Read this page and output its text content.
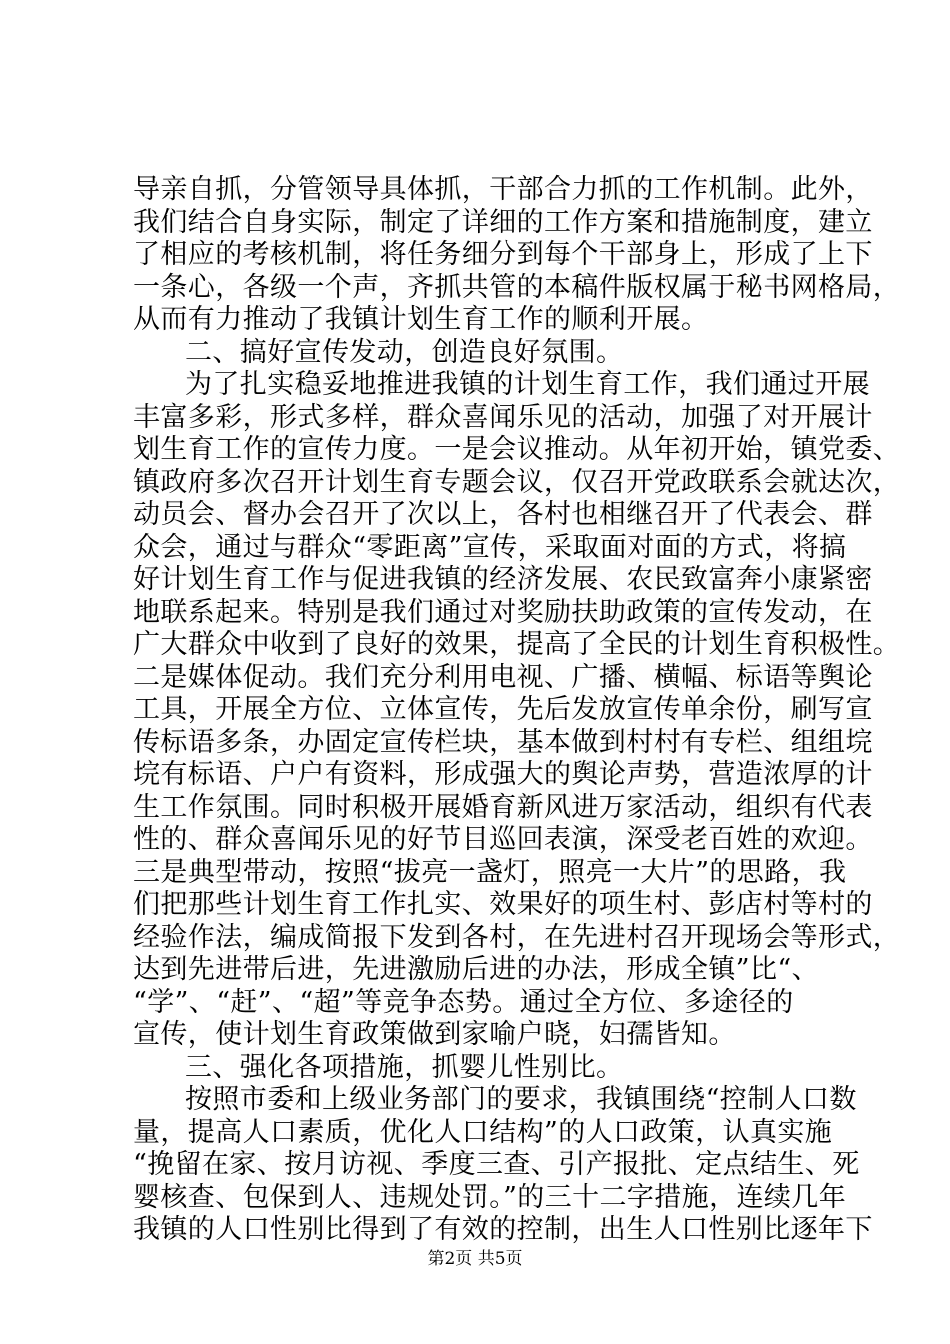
导亲自抓，分管领导具体抓，干部合力抓的工作机制。此外，
我们结合自身实际，制定了详细的工作方案和措施制度，建立
了相应的考核机制，将任务细分到每个干部身上，形成了上下
一条心，各级一个声，齐抓共管的本稿件版权属于秘书网格局，
从而有力推动了我镇计划生育工作的顺利开展。
二、搞好宣传发动，创造良好氛围。
为了扎实稳妥地推进我镇的计划生育工作，我们通过开展
丰富多彩，形式多样，群众喜闻乐见的活动，加强了对开展计
划生育工作的宣传力度。一是会议推动。从年初开始，镇党委、
镇政府多次召开计划生育专题会议，仅召开党政联系会就达次，
动员会、督办会召开了次以上，各村也相继召开了代表会、群
众会，通过与群众“零距离”宣传，采取面对面的方式，将搞
好计划生育工作与促进我镇的经济发展、农民致富奔小康紧密
地联系起来。特别是我们通过对奖励扶助政策的宣传发动，在
广大群众中收到了良好的效果，提高了全民的计划生育积极性。
二是媒体促动。我们充分利用电视、广播、横幅、标语等舆论
工具，开展全方位、立体宣传，先后发放宣传单余份，刷写宣
传标语多条，办固定宣传栏块，基本做到村村有专栏、组组垸
垸有标语、户户有资料，形成强大的舆论声势，营造浓厚的计
生工作氛围。同时积极开展婚育新风进万家活动，组织有代表
性的、群众喜闻乐见的好节目巡回表演，深受老百姓的欢迎。
三是典型带动，按照“拔亮一盏灯，照亮一大片”的思路，我
们把那些计划生育工作扎实、效果好的项生村、彭店村等村的
经验作法，编成简报下发到各村，在先进村召开现场会等形式，
达到先进带后进，先进激励后进的办法，形成全镇”比“、
“学”、“赶”、“超”等竞争态势。通过全方位、多途径的
宣传，使计划生育政策做到家喻户晓，妇孺皆知。
三、强化各项措施，抓婴儿性别比。
按照市委和上级业务部门的要求，我镇围绕“控制人口数
量，提高人口素质，优化人口结构”的人口政策，认真实施
“挽留在家、按月访视、季度三查、引产报批、定点结生、死
婴核查、包保到人、违规处罚。”的三十二字措施，连续几年
我镇的人口性别比得到了有效的控制，出生人口性别比逐年下
第2页 共5页
